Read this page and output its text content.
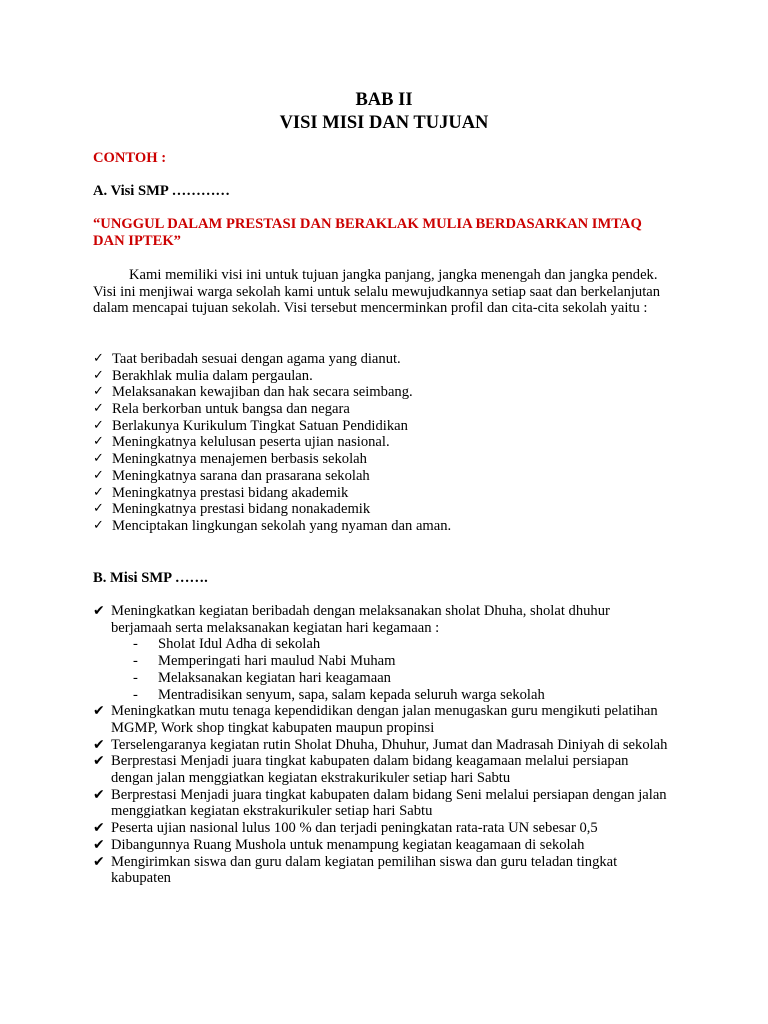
BAB II
VISI MISI DAN TUJUAN

CONTOH :

A. Visi SMP …………

“UNGGUL DALAM PRESTASI DAN BERAKLAK MULIA BERDASARKAN IMTAQ DAN IPTEK”

Kami memiliki visi ini untuk tujuan jangka panjang, jangka menengah dan jangka pendek. Visi ini menjiwai warga sekolah kami untuk selalu mewujudkannya setiap saat dan berkelanjutan dalam mencapai tujuan sekolah. Visi tersebut mencerminkan profil dan cita-cita sekolah yaitu :

✓ Taat beribadah sesuai dengan agama yang dianut.
✓ Berakhlak mulia dalam pergaulan.
✓ Melaksanakan kewajiban dan hak secara seimbang.
✓ Rela berkorban untuk bangsa dan negara
✓ Berlakunya Kurikulum Tingkat Satuan Pendidikan
✓ Meningkatnya kelulusan peserta ujian nasional.
✓ Meningkatnya menajemen berbasis sekolah
✓ Meningkatnya sarana dan prasarana sekolah
✓ Meningkatnya prestasi bidang akademik
✓ Meningkatnya prestasi bidang nonakademik
✓ Menciptakan lingkungan sekolah yang nyaman dan aman.

B. Misi SMP …….

✔ Meningkatkan kegiatan beribadah dengan melaksanakan sholat Dhuha, sholat dhuhur berjamaah serta melaksanakan kegiatan hari kegamaan :
- Sholat Idul Adha di sekolah
- Memperingati hari maulud Nabi Muham
- Melaksanakan kegiatan hari keagamaan
- Mentradisikan senyum, sapa, salam kepada seluruh warga sekolah
✔ Meningkatkan mutu tenaga kependidikan dengan jalan menugaskan guru mengikuti pelatihan MGMP, Work shop tingkat kabupaten maupun propinsi
✔ Terselengaranya kegiatan rutin Sholat Dhuha, Dhuhur, Jumat dan Madrasah Diniyah di sekolah
✔ Berprestasi Menjadi juara tingkat kabupaten dalam bidang keagamaan melalui persiapan dengan jalan menggiatkan kegiatan ekstrakurikuler setiap hari Sabtu
✔ Berprestasi Menjadi juara tingkat kabupaten dalam bidang Seni melalui persiapan dengan jalan menggiatkan kegiatan ekstrakurikuler setiap hari Sabtu
✔ Peserta ujian nasional lulus 100 % dan terjadi peningkatan rata-rata UN sebesar 0,5
✔ Dibangunnya Ruang Mushola untuk menampung kegiatan keagamaan di sekolah
✔ Mengirimkan siswa dan guru dalam kegiatan pemilihan siswa dan guru teladan tingkat kabupaten
